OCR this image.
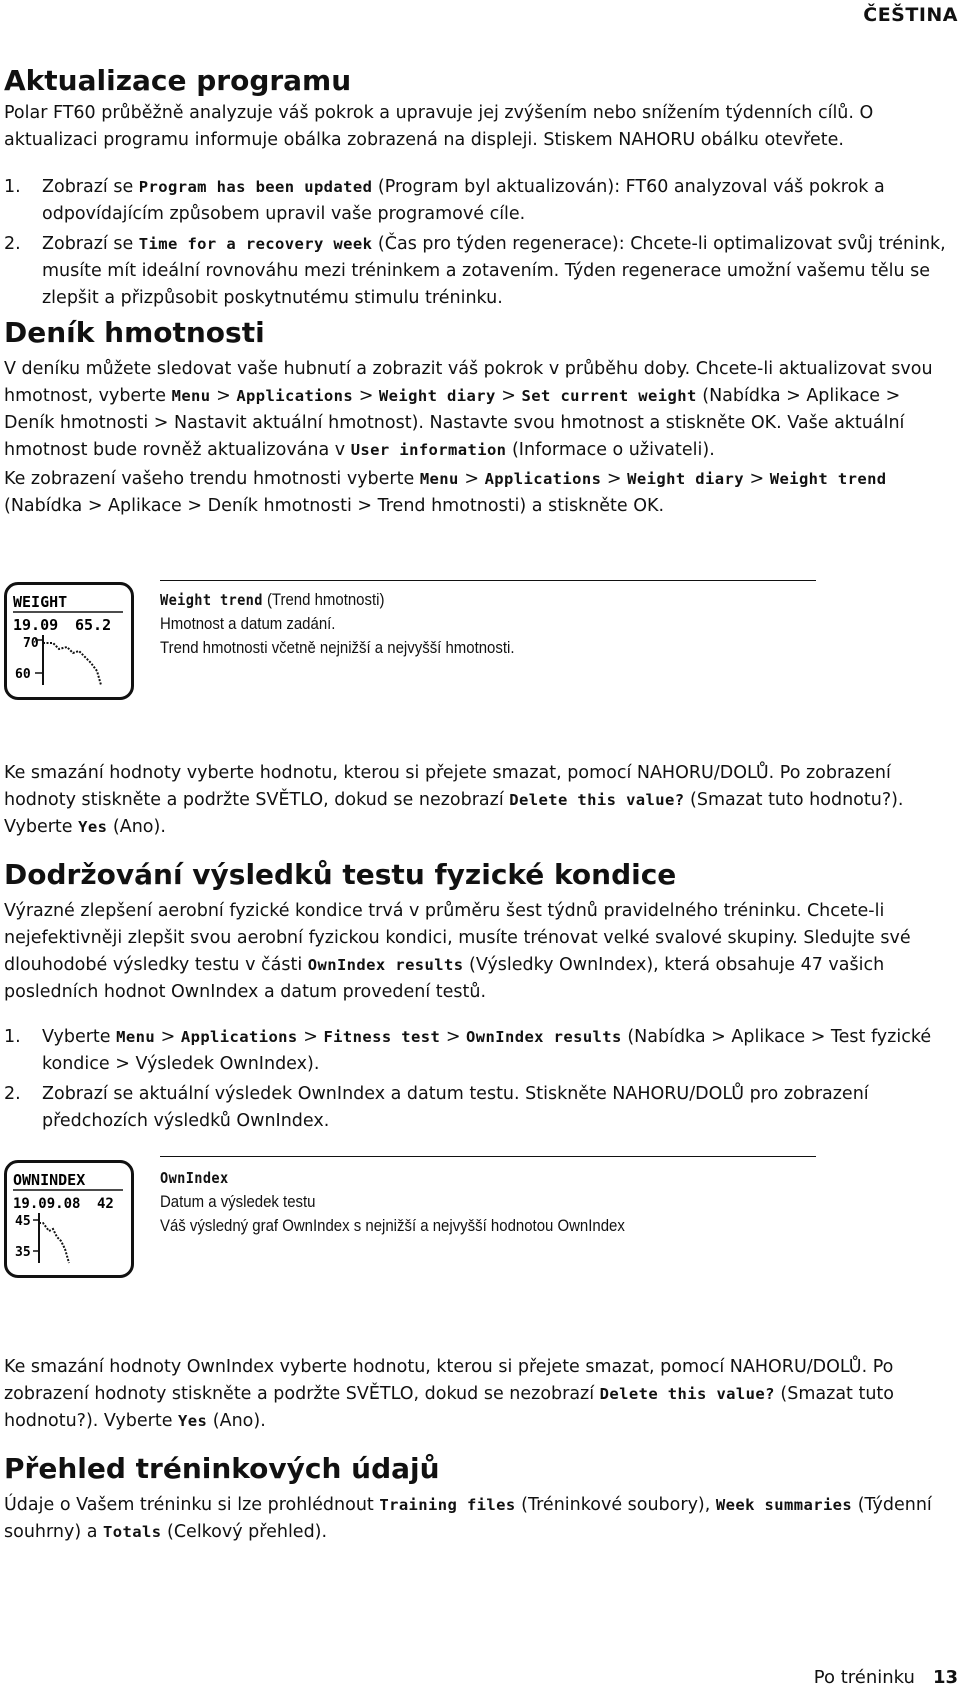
ČEŠTINA
Aktualizace programu

Polar FT60 průběžně analyzuje váš pokrok a upravuje jej zvýšením nebo snížením týdenních cílů. O aktualizaci programu informuje obálka zobrazená na displeji. Stiskem NAHORU obálku otevřete.

1. Zobrazí se Program has been updated (Program byl aktualizován): FT60 analyzoval váš pokrok a odpovídajícím způsobem upravil vaše programové cíle.
2. Zobrazí se Time for a recovery week (Čas pro týden regenerace): Chcete-li optimalizovat svůj trénink, musíte mít ideální rovnováhu mezi tréninkem a zotavením. Týden regenerace umožní vašemu tělu se zlepšit a přizpůsobit poskytnutému stimulu tréninku.
Deník hmotnosti

V deníku můžete sledovat vaše hubnutí a zobrazit váš pokrok v průběhu doby. Chcete-li aktualizovat svou hmotnost, vyberte Menu > Applications > Weight diary > Set current weight (Nabídka > Aplikace > Deník hmotnosti > Nastavit aktuální hmotnost). Nastavte svou hmotnost a stiskněte OK. Vaše aktuální hmotnost bude rovněž aktualizována v User information (Informace o uživateli).

Ke zobrazení vašeho trendu hmotnosti vyberte Menu > Applications > Weight diary > Weight trend (Nabídka > Aplikace > Deník hmotnosti > Trend hmotnosti) a stiskněte OK.

WEIGHT
19.09 65.2
70
60
Weight trend (Trend hmotnosti)
Hmotnost a datum zadání.
Trend hmotnosti včetně nejnižší a nejvyšší hmotnosti.

Ke smazání hodnoty vyberte hodnotu, kterou si přejete smazat, pomocí NAHORU/DOLŮ. Po zobrazení hodnoty stiskněte a podržte SVĚTLO, dokud se nezobrazí Delete this value? (Smazat tuto hodnotu?). Vyberte Yes (Ano).

Dodržování výsledků testu fyzické kondice

Výrazné zlepšení aerobní fyzické kondice trvá v průměru šest týdnů pravidelného tréninku. Chcete-li nejefektivněji zlepšit svou aerobní fyzickou kondici, musíte trénovat velké svalové skupiny. Sledujte své dlouhodobé výsledky testu v části OwnIndex results (Výsledky OwnIndex), která obsahuje 47 vašich posledních hodnot OwnIndex a datum provedení testů.

1. Vyberte Menu > Applications > Fitness test > OwnIndex results (Nabídka > Aplikace > Test fyzické kondice > Výsledek OwnIndex).
2. Zobrazí se aktuální výsledek OwnIndex a datum testu. Stiskněte NAHORU/DOLŮ pro zobrazení předchozích výsledků OwnIndex.
OWNINDEX
19.09.08 42
45
35
OwnIndex
Datum a výsledek testu
Váš výsledný graf OwnIndex s nejnižší a nejvyšší hodnotou OwnIndex

Ke smazání hodnoty OwnIndex vyberte hodnotu, kterou si přejete smazat, pomocí NAHORU/DOLŮ. Po zobrazení hodnoty stiskněte a podržte SVĚTLO, dokud se nezobrazí Delete this value? (Smazat tuto hodnotu?). Vyberte Yes (Ano).

Přehled tréninkových údajů

Údaje o Vašem tréninku si lze prohlédnout Training files (Tréninkové soubory), Week summaries (Týdenní souhrny) a Totals (Celkový přehled).

Po tréninku 13
